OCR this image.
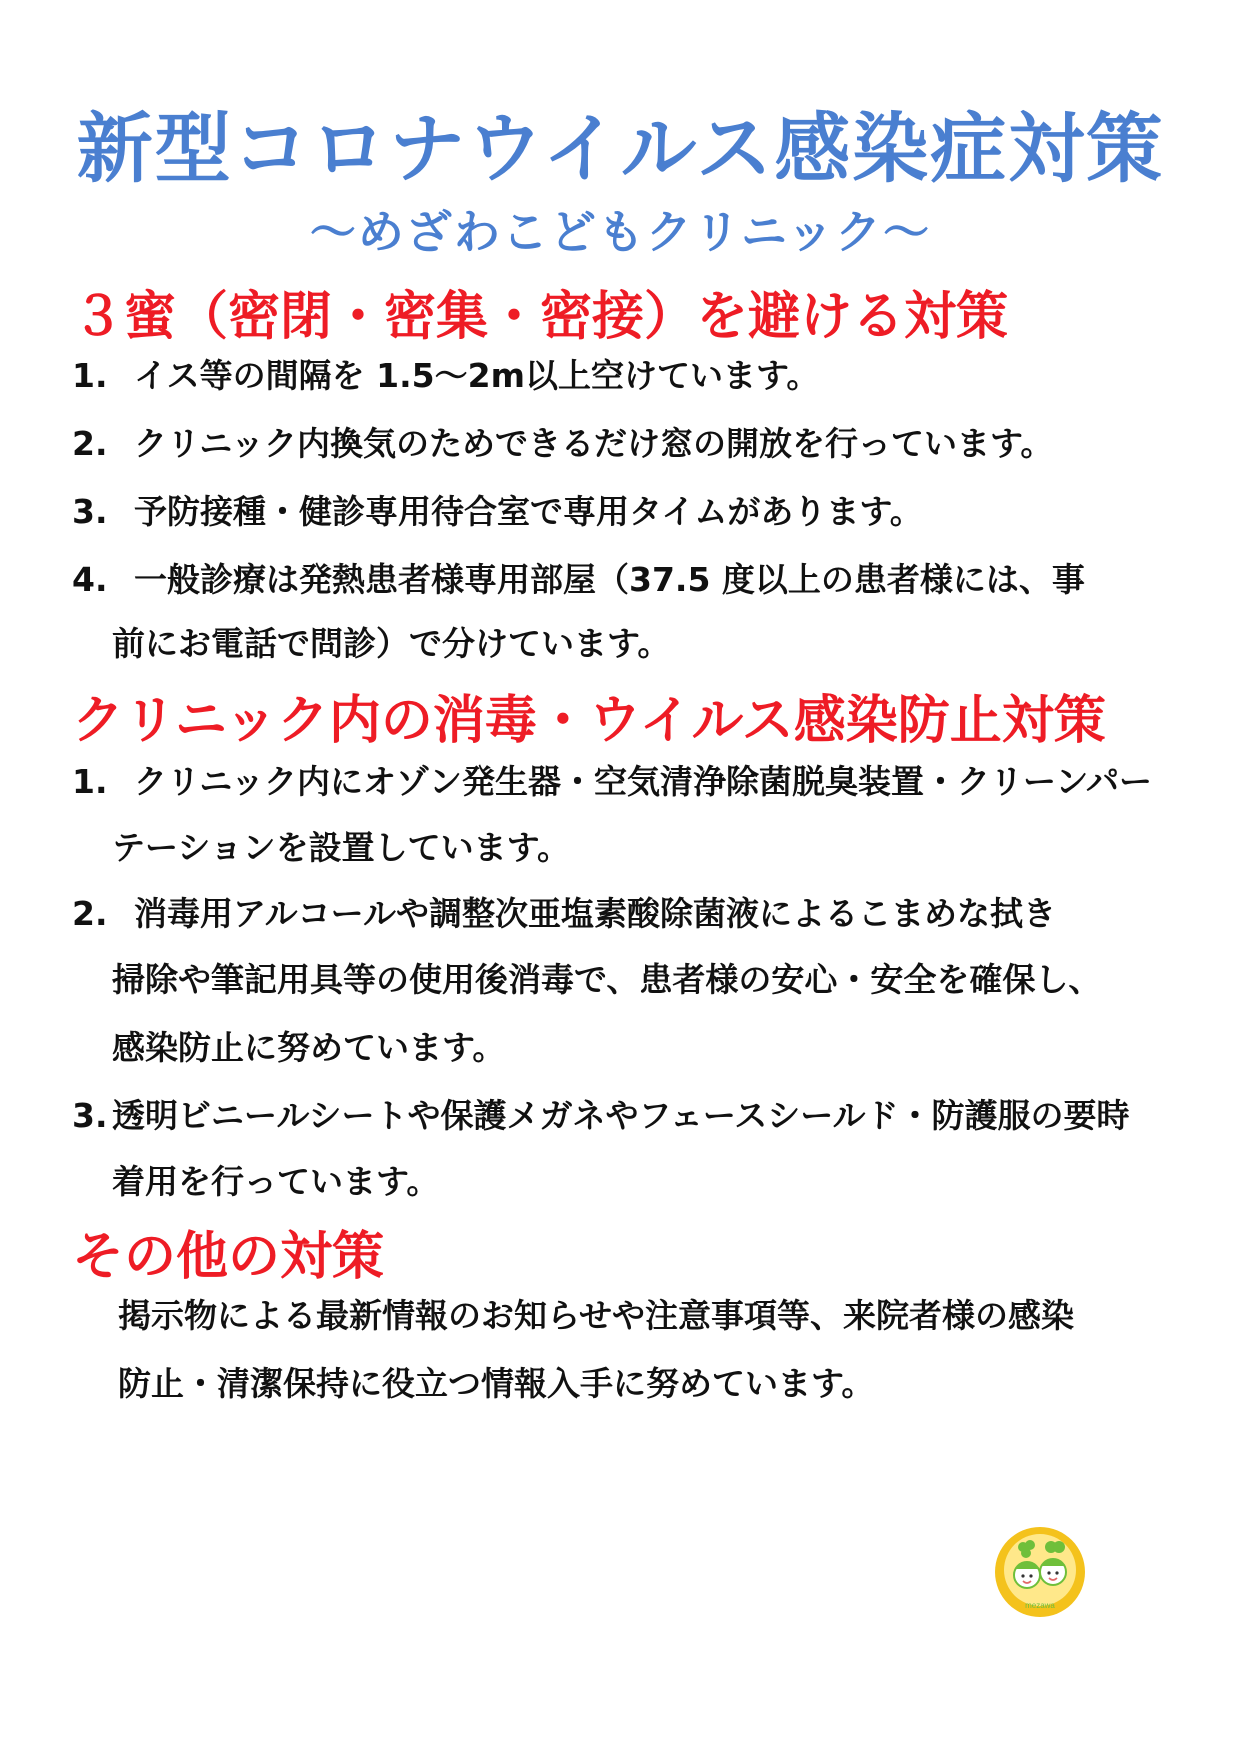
新型コロナウイルス感染症対策
～めざわこどもクリニック～
３蜜（密閉・密集・密接）を避ける対策
1. イス等の間隔を 1.5～2m以上空けています。
2. クリニック内換気のためできるだけ窓の開放を行っています。
3. 予防接種・健診専用待合室で専用タイムがあります。
4. 一般診療は発熱患者様専用部屋（37.5 度以上の患者様には、事
前にお電話で問診）で分けています。
クリニック内の消毒・ウイルス感染防止対策
1. クリニック内にオゾン発生器・空気清浄除菌脱臭装置・クリーンパー
テーションを設置しています。
2. 消毒用アルコールや調整次亜塩素酸除菌液によるこまめな拭き
掃除や筆記用具等の使用後消毒で、患者様の安心・安全を確保し、
感染防止に努めています。
3. 透明ビニールシートや保護メガネやフェースシールド・防護服の要時
着用を行っています。
その他の対策
掲示物による最新情報のお知らせや注意事項等、来院者様の感染
防止・清潔保持に役立つ情報入手に努めています。
mezawa
